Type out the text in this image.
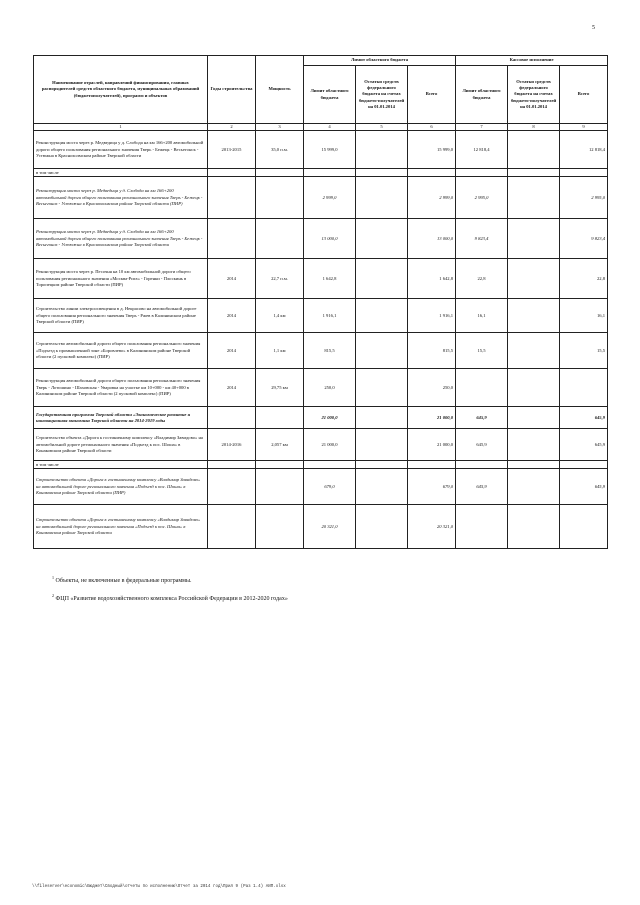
5
Наименование отраслей, направлений финансирования, главных распорядителей средств областного бюджета, муниципальных образований (бюджетополучателей), программ и объектов	Годы строительства	Мощность	Лимит областного бюджета			Кассовое исполнение		
			Лимит областного бюджета	Остатки средств федерального бюджета на счетах бюджето-получателей на 01.01.2014	Всего	Лимит областного бюджета	Остатки средств федерального бюджета на счетах бюджето-получателей на 01.01.2014	Всего
1	2	3	4	5	6	7	8	9
Реконструкция моста через р. Медведица у д. Слобода на км 166+200 автомобильной дороги общего пользования регионального значения Тверь - Бежецк - Весьегонск - Устюжна в Краснохолмском районе Тверской области	2013-2015	35,0 п.м.	15 999,0		15 999,0	12 818,4		12 818,4
в том числе								
Реконструкция моста через р. Медведица у д. Слобода на км 166+200 автомобильной дороги общего пользования регионального значения Тверь - Бежецк - Весьегонск - Устюжна в Краснохолмском районе Тверской области (ПИР)			2 999,0		2 999,0	2 995,0		2 995,0
Реконструкция моста через р. Медведица у д. Слобода на км 166+200 автомобильной дороги общего пользования регионального значения Тверь - Бежецк - Весьегонск - Устюжна в Краснохолмском районе Тверской области			13 000,0		13 000,0	9 823,4		9 823,4
Реконструкция моста через р. Песочня на 10 км автомобильной дороги общего пользования регионального значения «Москва-Рига» - Горенки - Плоскинь в Торопецком районе Тверской области (ПИР)	2014	22,7 п.м.	1 642,8		1 642,8	22,8		22,8
Строительство линии электроосвещения в д. Некрасово на автомобильной дороге общего пользования регионального значения Тверь - Ржев в Калининском районе Тверской области (ПИР)	2014	1,4 км	1 916,1		1 916,1	16,1		16,1
Строительство автомобильной дороги общего пользования регионального значения «Подъезд к промышленной зоне «Боровлево» в Калининском районе Тверской области (2 пусковой комплекс) (ПИР)	2014	1,1 км	815,5		815,5	15,5		15,5
Реконструкция автомобильной дороги общего пользования регионального значения Тверь - Лотошино - Шаховская - Уваровка на участке км 10+000 - км 40+000 в Калининском районе Тверской области (2 пусковой комплекс) (ПИР)	2014	29,75 км	250,0		250,0			
Государственная программа Тверской области «Экономическое развитие и инновационная экономика Тверской области на 2014-2019 годы			21 000,0		21 000,0	645,9		645,9
Строительство объекта «Дорога к гостиничному комплексу «Владимир Завидово» на автомобильной дороге регионального значения «Подъезд к пос. Шоша» в Конаковском районе Тверской области	2014-2016	2,057 км	21 000,0		21 000,0	645,9		645,9
в том числе								
Строительство объекта «Дорога к гостиничному комплексу «Владимир Завидово» на автомобильной дороге регионального значения «Подъезд к пос. Шоша» в Конаковском районе Тверской области (ПИР)			679,0		679,0	645,9		645,9
Строительство объекта «Дорога к гостиничному комплексу «Владимир Завидово» на автомобильной дороге регионального значения «Подъезд к пос. Шоша» в Конаковском районе Тверской области			20 321,0		20 321,0			
$^1$ Объекты, не включенные в федеральные программы.
$^2$ ФЦП «Развитие водохозяйственного комплекса Российской Федерации в 2012-2020 годах»
\\fileserver\economic\Бюджет\Сводный\отчеты по исполнению\Отчет за 2014 год\Прил 9 (Раз 1.4) АИП.xlsx
